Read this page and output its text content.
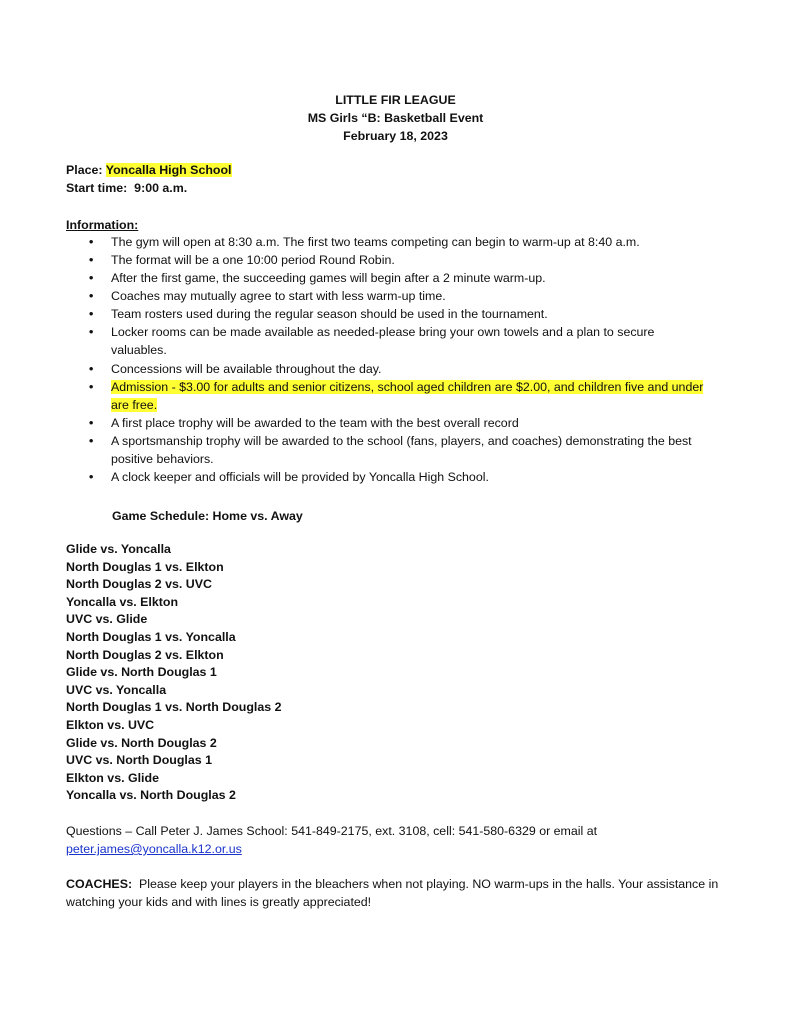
LITTLE FIR LEAGUE
MS Girls “B: Basketball Event
February 18, 2023
Place: Yoncalla High School
Start time: 9:00 a.m.
Information:
• The gym will open at 8:30 a.m. The first two teams competing can begin to warm-up at 8:40 a.m.
• The format will be a one 10:00 period Round Robin.
• After the first game, the succeeding games will begin after a 2 minute warm-up.
• Coaches may mutually agree to start with less warm-up time.
• Team rosters used during the regular season should be used in the tournament.
• Locker rooms can be made available as needed-please bring your own towels and a plan to secure valuables.
• Concessions will be available throughout the day.
• Admission - $3.00 for adults and senior citizens, school aged children are $2.00, and children five and under are free.
• A first place trophy will be awarded to the team with the best overall record
• A sportsmanship trophy will be awarded to the school (fans, players, and coaches) demonstrating the best positive behaviors.
• A clock keeper and officials will be provided by Yoncalla High School.
Game Schedule: Home vs. Away
Glide vs. Yoncalla
North Douglas 1 vs. Elkton
North Douglas 2 vs. UVC
Yoncalla vs. Elkton
UVC vs. Glide
North Douglas 1 vs. Yoncalla
North Douglas 2 vs. Elkton
Glide vs. North Douglas 1
UVC vs. Yoncalla
North Douglas 1 vs. North Douglas 2
Elkton vs. UVC
Glide vs. North Douglas 2
UVC vs. North Douglas 1
Elkton vs. Glide
Yoncalla vs. North Douglas 2
Questions – Call Peter J. James School: 541-849-2175, ext. 3108, cell: 541-580-6329 or email at
peter.james@yoncalla.k12.or.us
COACHES: Please keep your players in the bleachers when not playing. NO warm-ups in the halls. Your assistance in watching your kids and with lines is greatly appreciated!
